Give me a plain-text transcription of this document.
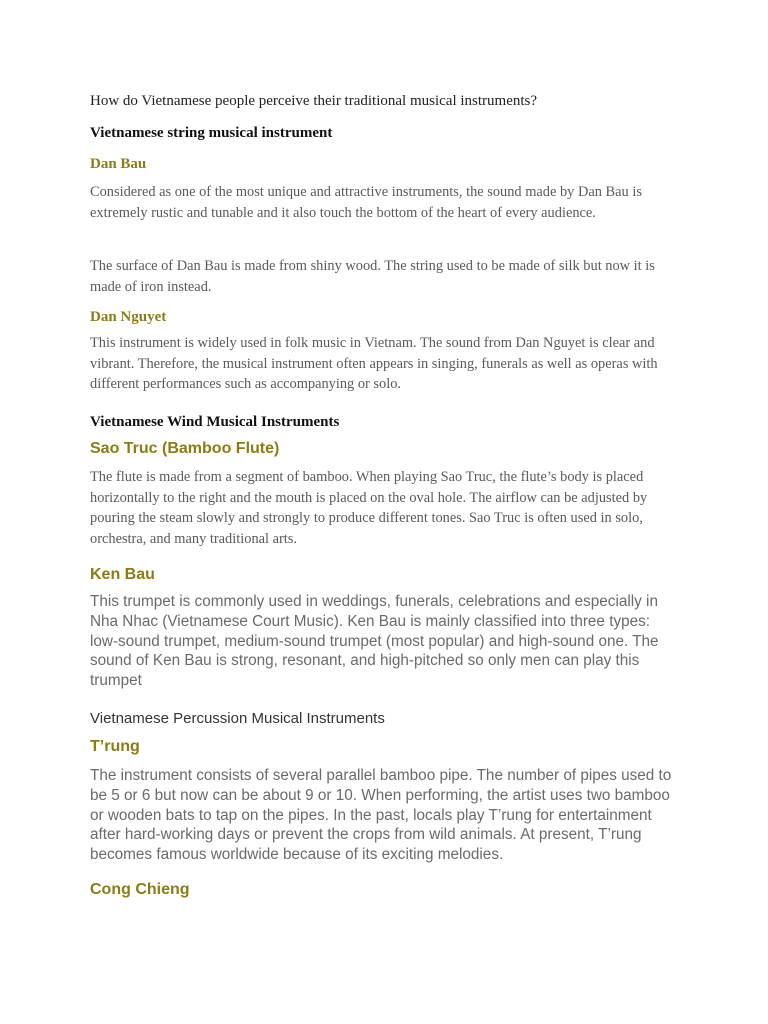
How do Vietnamese people perceive their traditional musical instruments?

Vietnamese string musical instrument

Dan Bau

Considered as one of the most unique and attractive instruments, the sound made by Dan Bau is extremely rustic and tunable and it also touch the bottom of the heart of every audience.

The surface of Dan Bau is made from shiny wood. The string used to be made of silk but now it is made of iron instead.

Dan Nguyet

This instrument is widely used in folk music in Vietnam. The sound from Dan Nguyet is clear and vibrant. Therefore, the musical instrument often appears in singing, funerals as well as operas with different performances such as accompanying or solo.

Vietnamese Wind Musical Instruments

Sao Truc (Bamboo Flute)

The flute is made from a segment of bamboo. When playing Sao Truc, the flute’s body is placed horizontally to the right and the mouth is placed on the oval hole. The airflow can be adjusted by pouring the steam slowly and strongly to produce different tones. Sao Truc is often used in solo, orchestra, and many traditional arts.

Ken Bau

This trumpet is commonly used in weddings, funerals, celebrations and especially in Nha Nhac (Vietnamese Court Music). Ken Bau is mainly classified into three types: low-sound trumpet, medium-sound trumpet (most popular) and high-sound one. The sound of Ken Bau is strong, resonant, and high-pitched so only men can play this trumpet

Vietnamese Percussion Musical Instruments

T’rung

The instrument consists of several parallel bamboo pipe. The number of pipes used to be 5 or 6 but now can be about 9 or 10. When performing, the artist uses two bamboo or wooden bats to tap on the pipes. In the past, locals play T’rung for entertainment after hard-working days or prevent the crops from wild animals. At present, T’rung becomes famous worldwide because of its exciting melodies.

Cong Chieng
